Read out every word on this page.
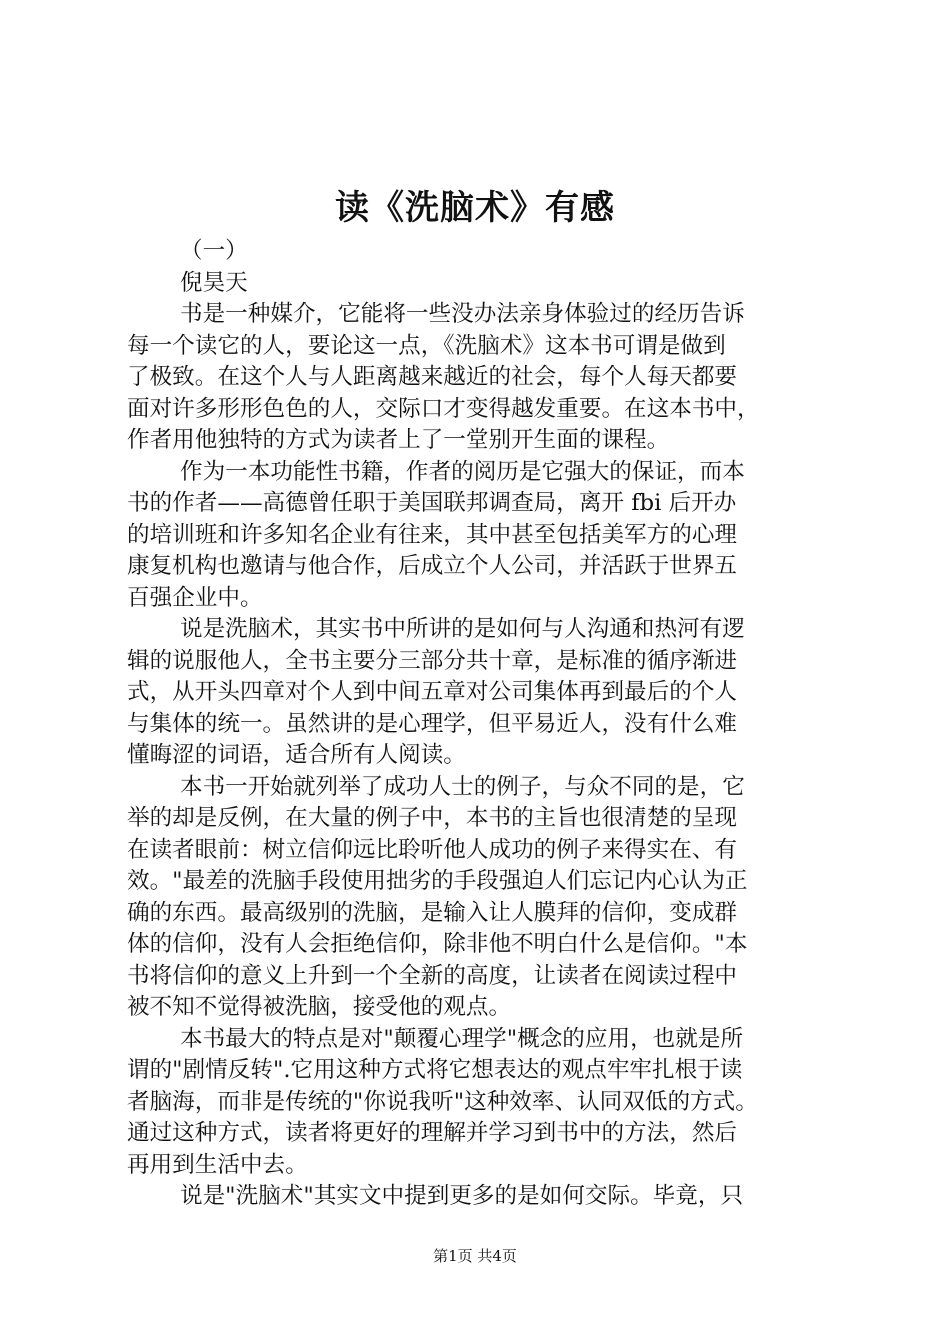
读《洗脑术》有感
（一）
倪昊天
书是一种媒介，它能将一些没办法亲身体验过的经历告诉
每一个读它的人，要论这一点，《洗脑术》这本书可谓是做到
了极致。在这个人与人距离越来越近的社会，每个人每天都要
面对许多形形色色的人，交际口才变得越发重要。在这本书中，
作者用他独特的方式为读者上了一堂别开生面的课程。
作为一本功能性书籍，作者的阅历是它强大的保证，而本
书的作者——高德曾任职于美国联邦调查局，离开 fbi 后开办
的培训班和许多知名企业有往来，其中甚至包括美军方的心理
康复机构也邀请与他合作，后成立个人公司，并活跃于世界五
百强企业中。
说是洗脑术，其实书中所讲的是如何与人沟通和热河有逻
辑的说服他人，全书主要分三部分共十章，是标准的循序渐进
式，从开头四章对个人到中间五章对公司集体再到最后的个人
与集体的统一。虽然讲的是心理学，但平易近人，没有什么难
懂晦涩的词语，适合所有人阅读。
本书一开始就列举了成功人士的例子，与众不同的是，它
举的却是反例，在大量的例子中，本书的主旨也很清楚的呈现
在读者眼前：树立信仰远比聆听他人成功的例子来得实在、有
效。"最差的洗脑手段使用拙劣的手段强迫人们忘记内心认为正
确的东西。最高级别的洗脑，是输入让人膜拜的信仰，变成群
体的信仰，没有人会拒绝信仰，除非他不明白什么是信仰。"本
书将信仰的意义上升到一个全新的高度，让读者在阅读过程中
被不知不觉得被洗脑，接受他的观点。
本书最大的特点是对"颠覆心理学"概念的应用，也就是所
谓的"剧情反转".它用这种方式将它想表达的观点牢牢扎根于读
者脑海，而非是传统的"你说我听"这种效率、认同双低的方式。
通过这种方式，读者将更好的理解并学习到书中的方法，然后
再用到生活中去。
说是"洗脑术"其实文中提到更多的是如何交际。毕竟，只
第1页 共4页
